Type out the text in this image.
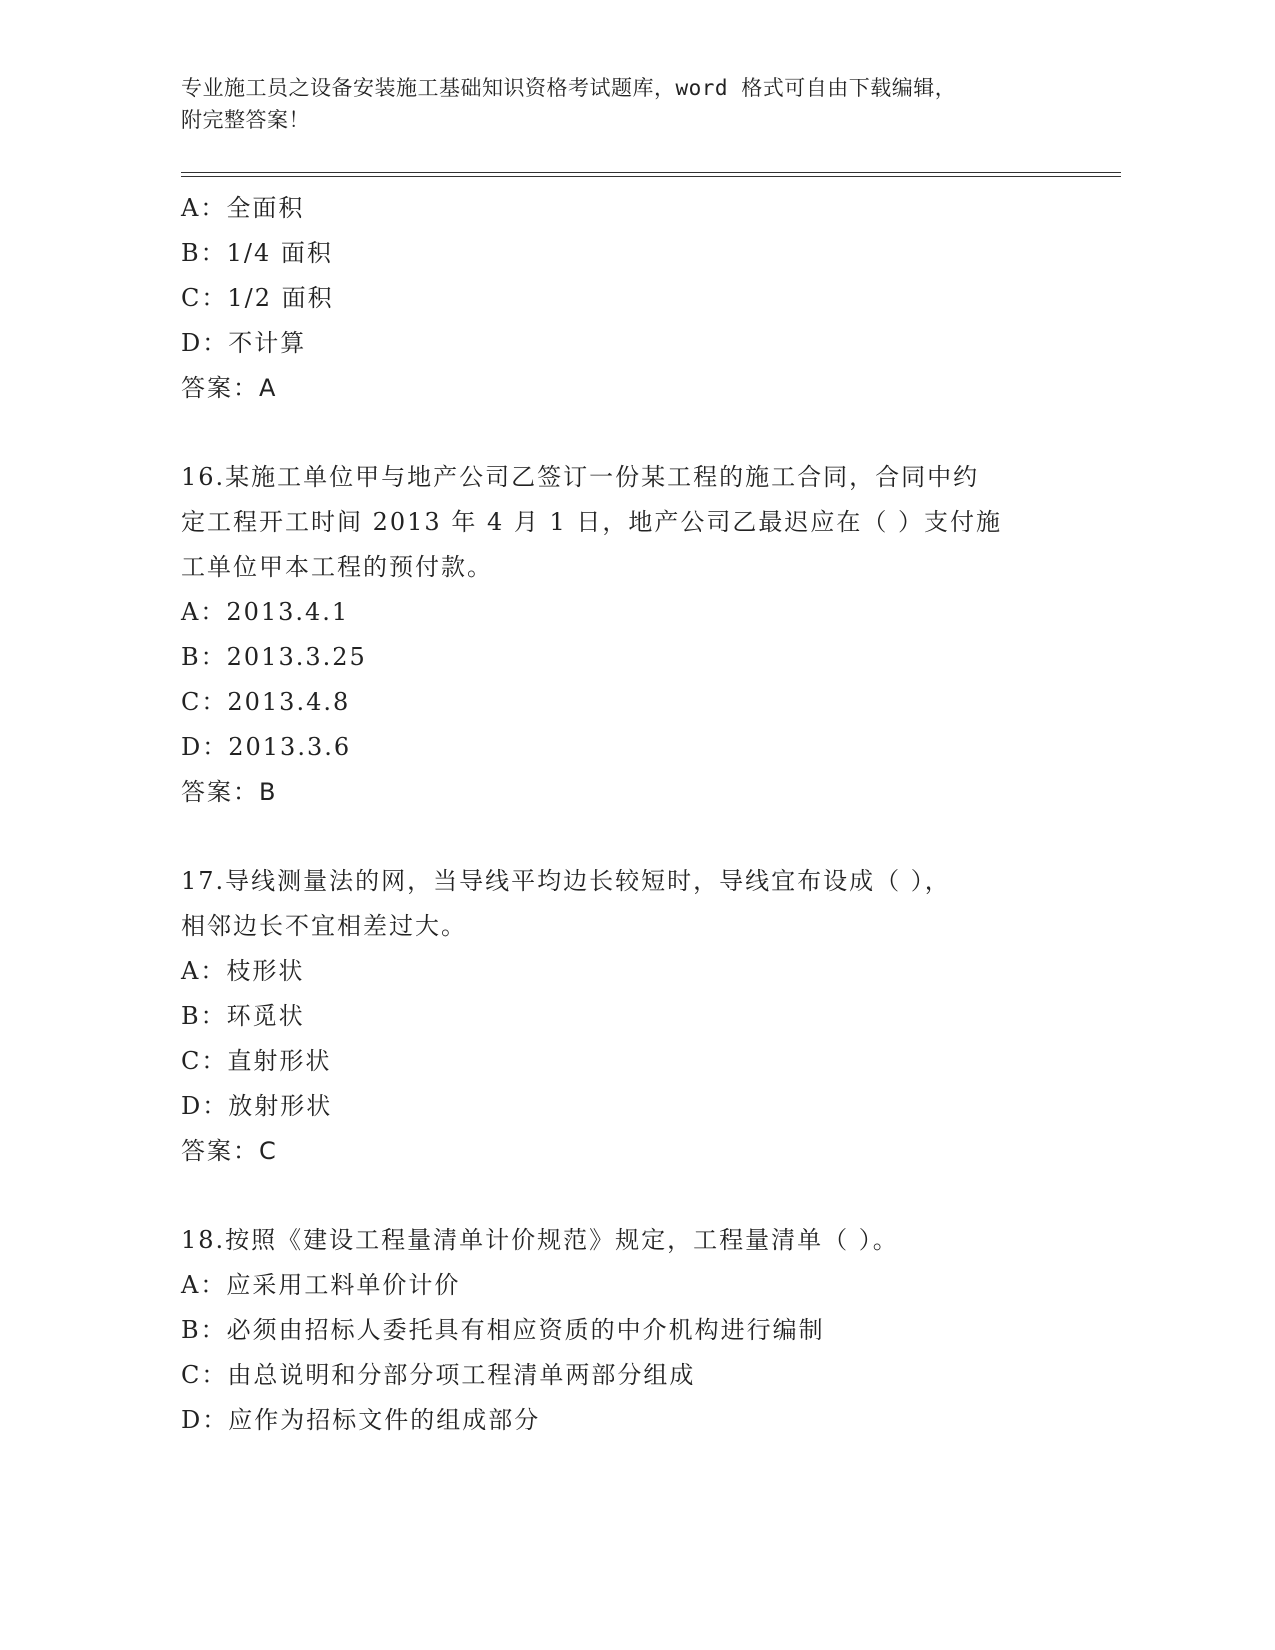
专业施工员之设备安装施工基础知识资格考试题库，word 格式可自由下载编辑，
附完整答案！
A：全面积
B：1/4 面积
C：1/2 面积
D：不计算
答案：A
16.某施工单位甲与地产公司乙签订一份某工程的施工合同，合同中约
定工程开工时间 2013 年 4 月 1 日，地产公司乙最迟应在（ ）支付施
工单位甲本工程的预付款。
A：2013.4.1
B：2013.3.25
C：2013.4.8
D：2013.3.6
答案：B
17.导线测量法的网，当导线平均边长较短时，导线宜布设成（ ），
相邻边长不宜相差过大。
A：枝形状
B：环觅状
C：直射形状
D：放射形状
答案：C
18.按照《建设工程量清单计价规范》规定，工程量清单（ ）。
A：应采用工料单价计价
B：必须由招标人委托具有相应资质的中介机构进行编制
C：由总说明和分部分项工程清单两部分组成
D：应作为招标文件的组成部分
